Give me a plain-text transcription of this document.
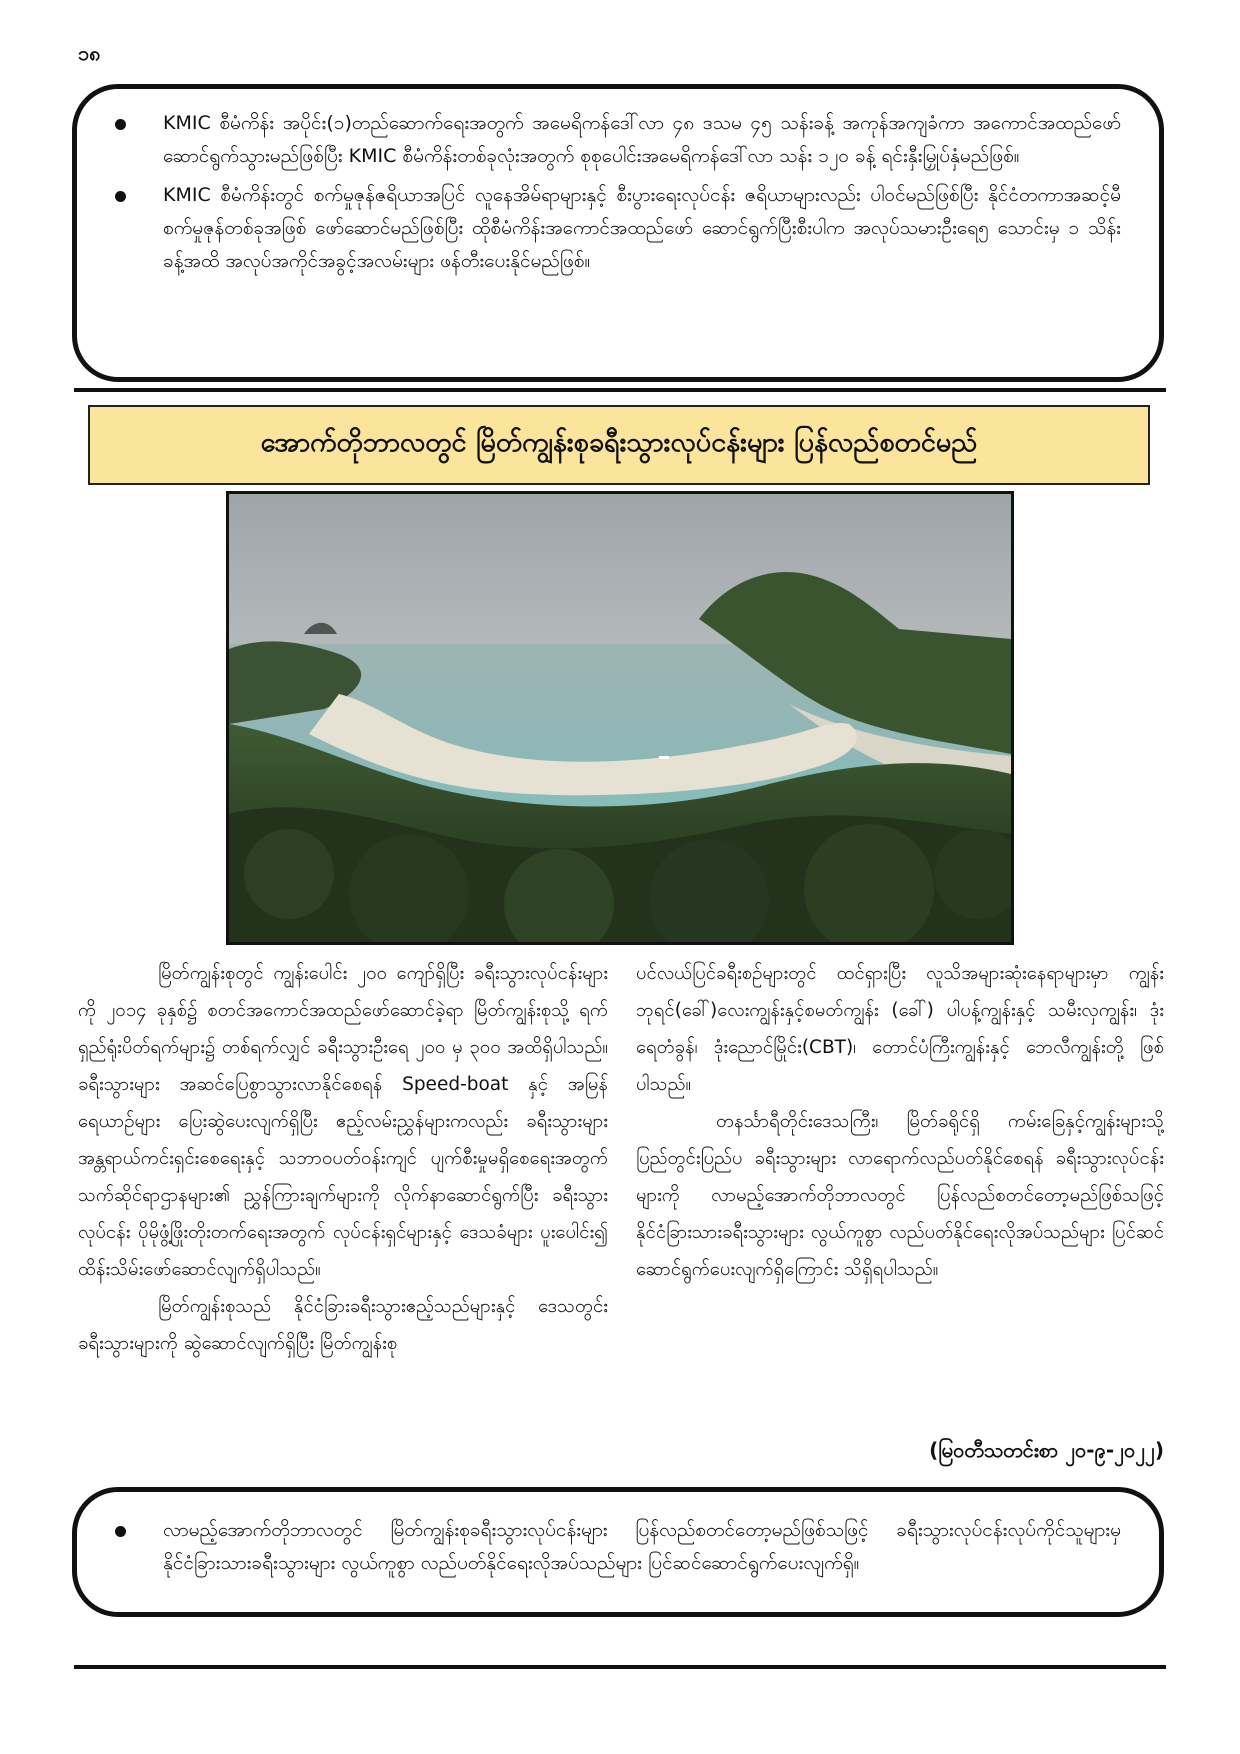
၁၈
KMIC စီမံကိန်း အပိုင်း(၁)တည်ဆောက်ရေးအတွက် အမေရိကန်ဒေါ်လာ ၄၈ ဒသမ ၄၅ သန်းခန့် အကုန်အကျခံကာ အကောင်အထည်ဖော် ဆောင်ရွက်သွားမည်ဖြစ်ပြီး KMIC စီမံကိန်းတစ်ခုလုံးအတွက် စုစုပေါင်းအမေရိကန်ဒေါ်လာ သန်း ၁၂၀ ခန့် ရင်းနှီးမြှုပ်နှံမည်ဖြစ်။
KMIC စီမံကိန်းတွင် စက်မှုဇုန်ဇရိယာအပြင် လူနေအိမ်ရာများနှင့် စီးပွားရေးလုပ်ငန်း ဇရိယာများလည်း ပါဝင်မည်ဖြစ်ပြီး နိုင်ငံတကာအဆင့်မီ စက်မှုဇုန်တစ်ခုအဖြစ် ဖော်ဆောင်မည်ဖြစ်ပြီး ထိုစီမံကိန်းအကောင်အထည်ဖော် ဆောင်ရွက်ပြီးစီးပါက အလုပ်သမားဦးရေ၅ သောင်းမှ ၁ သိန်းခန့်အထိ အလုပ်အကိုင်အခွင့်အလမ်းများ ဖန်တီးပေးနိုင်မည်ဖြစ်။
အောက်တိုဘာလတွင် မြိတ်ကျွန်းစုခရီးသွားလုပ်ငန်းများ ပြန်လည်စတင်မည်

မြိတ်ကျွန်းစုတွင် ကျွန်းပေါင်း ၂၀၀ ကျော်ရှိပြီး ခရီးသွားလုပ်ငန်းများကို ၂၀၁၄ ခုနှစ်၌ စတင်အကောင်အထည်ဖော်ဆောင်ခဲ့ရာ မြိတ်ကျွန်းစုသို့ ရက်ရှည်ရုံးပိတ်ရက်များ၌ တစ်ရက်လျှင် ခရီးသွားဦးရေ ၂၀၀ မှ ၃၀၀ အထိရှိပါသည်။ ခရီးသွားများ အဆင်ပြေစွာသွားလာနိုင်စေရန် Speed-boat နှင့် အမြန်ရေယာဉ်များ ပြေးဆွဲပေးလျက်ရှိပြီး ဧည့်လမ်းညွှန်များကလည်း ခရီးသွားများ အန္တရာယ်ကင်းရှင်းစေရေးနှင့် သဘာဝပတ်ဝန်းကျင် ပျက်စီးမှုမရှိစေရေးအတွက် သက်ဆိုင်ရာဌာနများ၏ ညွှန်ကြားချက်များကို လိုက်နာဆောင်ရွက်ပြီး ခရီးသွားလုပ်ငန်း ပိုမိုဖွံ့ဖြိုးတိုးတက်ရေးအတွက် လုပ်ငန်းရှင်များနှင့် ဒေသခံများ ပူးပေါင်း၍ ထိန်းသိမ်းဖော်ဆောင်လျက်ရှိပါသည်။

မြိတ်ကျွန်းစုသည် နိုင်ငံခြားခရီးသွားဧည့်သည်များနှင့် ဒေသတွင်းခရီးသွားများကို ဆွဲဆောင်လျက်ရှိပြီး မြိတ်ကျွန်းစု

ပင်လယ်ပြင်ခရီးစဉ်များတွင် ထင်ရှားပြီး လူသိအများဆုံးနေရာများမှာ ကျွန်းဘုရင်(ခေါ်)လေးကျွန်းနှင့်စမတ်ကျွန်း (ခေါ်) ပါပန့်ကျွန်းနှင့် သမီးလှကျွန်း၊ ဒုံးရေတံခွန်၊ ဒုံးညောင်မြိုင်း(CBT)၊ တောင်ပံကြီးကျွန်းနှင့် ဘေလီကျွန်းတို့ ဖြစ်ပါသည်။

တနင်္သာရီတိုင်းဒေသကြီး၊ မြိတ်ခရိုင်ရှိ ကမ်းခြေနှင့်ကျွန်းများသို့ ပြည်တွင်းပြည်ပ ခရီးသွားများ လာရောက်လည်ပတ်နိုင်စေရန် ခရီးသွားလုပ်ငန်းများကို လာမည့်အောက်တိုဘာလတွင် ပြန်လည်စတင်တော့မည်ဖြစ်သဖြင့် နိုင်ငံခြားသားခရီးသွားများ လွယ်ကူစွာ လည်ပတ်နိုင်ရေးလိုအပ်သည်များ ပြင်ဆင်ဆောင်ရွက်ပေးလျက်ရှိကြောင်း သိရှိရပါသည်။

(မြဝတီသတင်းစာ ၂၀-၉-၂၀၂၂)
လာမည့်အောက်တိုဘာလတွင် မြိတ်ကျွန်းစုခရီးသွားလုပ်ငန်းများ ပြန်လည်စတင်တော့မည်ဖြစ်သဖြင့် ခရီးသွားလုပ်ငန်းလုပ်ကိုင်သူများမှ နိုင်ငံခြားသားခရီးသွားများ လွယ်ကူစွာ လည်ပတ်နိုင်ရေးလိုအပ်သည်များ ပြင်ဆင်ဆောင်ရွက်ပေးလျက်ရှိ။
